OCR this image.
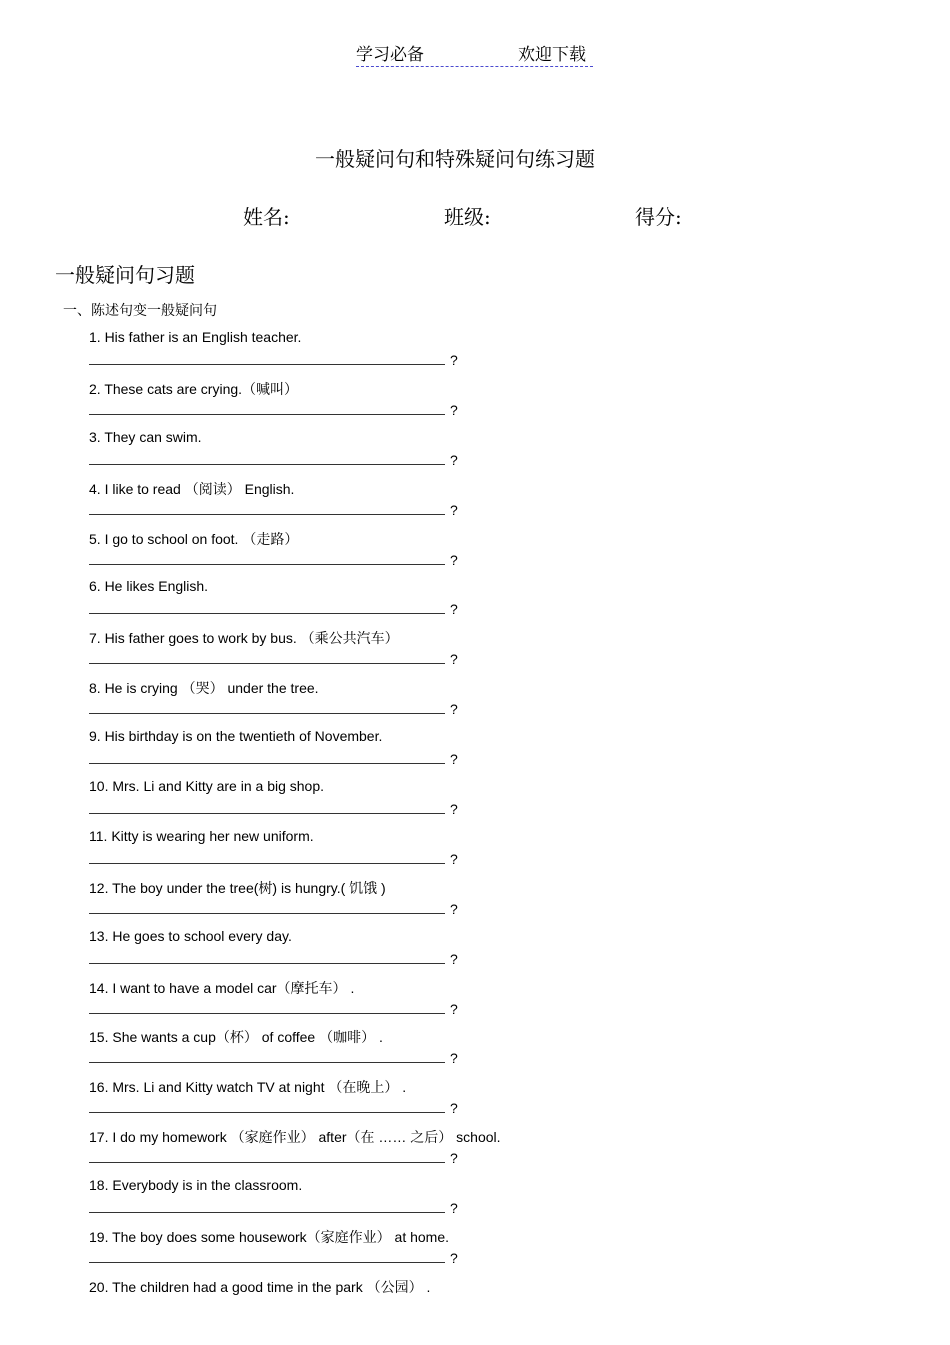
学习必备	欢迎下载
一般疑问句和特殊疑问句练习题
姓名:	班级:	得分:
一般疑问句习题
一、陈述句变一般疑问句
1. His father is an English teacher.
?
2. These cats are crying.（喊叫）
?
3. They can swim.
?
4. I like to read （阅读） English.
?
5. I go to school on foot. （走路）
?
6. He likes English.
?
7. His father goes to work by bus. （乘公共汽车）
?
8. He is crying （哭） under the tree.
?
9. His birthday is on the twentieth of November.
?
10. Mrs. Li and Kitty are in a big shop.
?
11. Kitty is wearing her new uniform.
?
12. The boy under the tree(树) is hungry.( 饥饿 )
?
13. He goes to school every day.
?
14. I want to have a model car（摩托车） .
?
15. She wants a cup（杯） of coffee （咖啡） .
?
16. Mrs. Li and Kitty watch TV at night （在晚上） .
?
17. I do my homework （家庭作业） after（在 …… 之后） school.
?
18. Everybody is in the classroom.
?
19. The boy does some housework（家庭作业） at home.
?
20. The children had a good time in the park （公园） .
